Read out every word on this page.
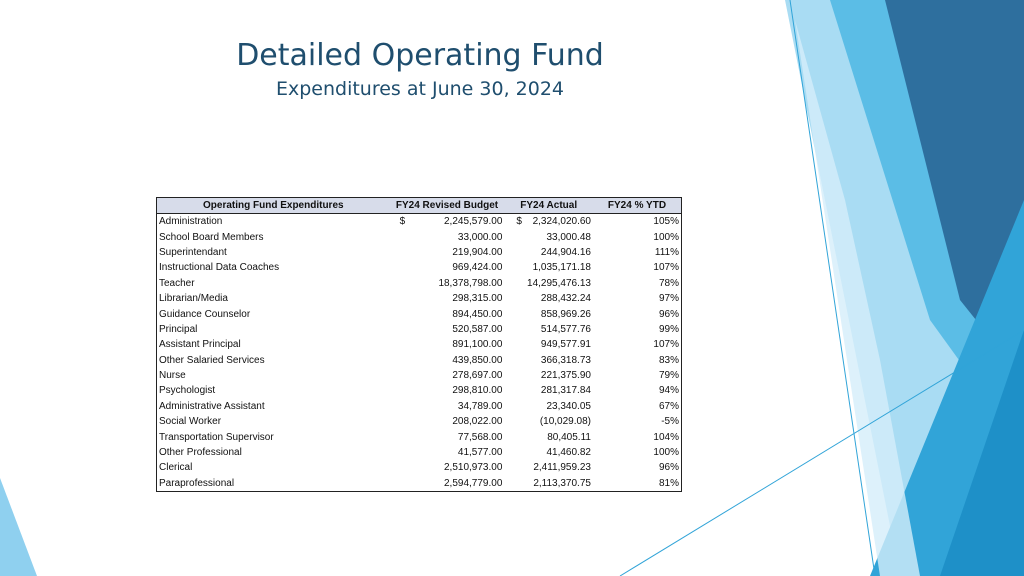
Detailed Operating Fund
Expenditures at June 30, 2024
Operating Fund Expenditures	FY24 Revised Budget	FY24 Actual	FY24 % YTD
Administration	$ 2,245,579.00	$ 2,324,020.60	105%
School Board Members	33,000.00	33,000.48	100%
Superintendant	219,904.00	244,904.16	111%
Instructional Data Coaches	969,424.00	1,035,171.18	107%
Teacher	18,378,798.00	14,295,476.13	78%
Librarian/Media	298,315.00	288,432.24	97%
Guidance Counselor	894,450.00	858,969.26	96%
Principal	520,587.00	514,577.76	99%
Assistant Principal	891,100.00	949,577.91	107%
Other Salaried Services	439,850.00	366,318.73	83%
Nurse	278,697.00	221,375.90	79%
Psychologist	298,810.00	281,317.84	94%
Administrative Assistant	34,789.00	23,340.05	67%
Social Worker	208,022.00	(10,029.08)	-5%
Transportation Supervisor	77,568.00	80,405.11	104%
Other Professional	41,577.00	41,460.82	100%
Clerical	2,510,973.00	2,411,959.23	96%
Paraprofessional	2,594,779.00	2,113,370.75	81%
